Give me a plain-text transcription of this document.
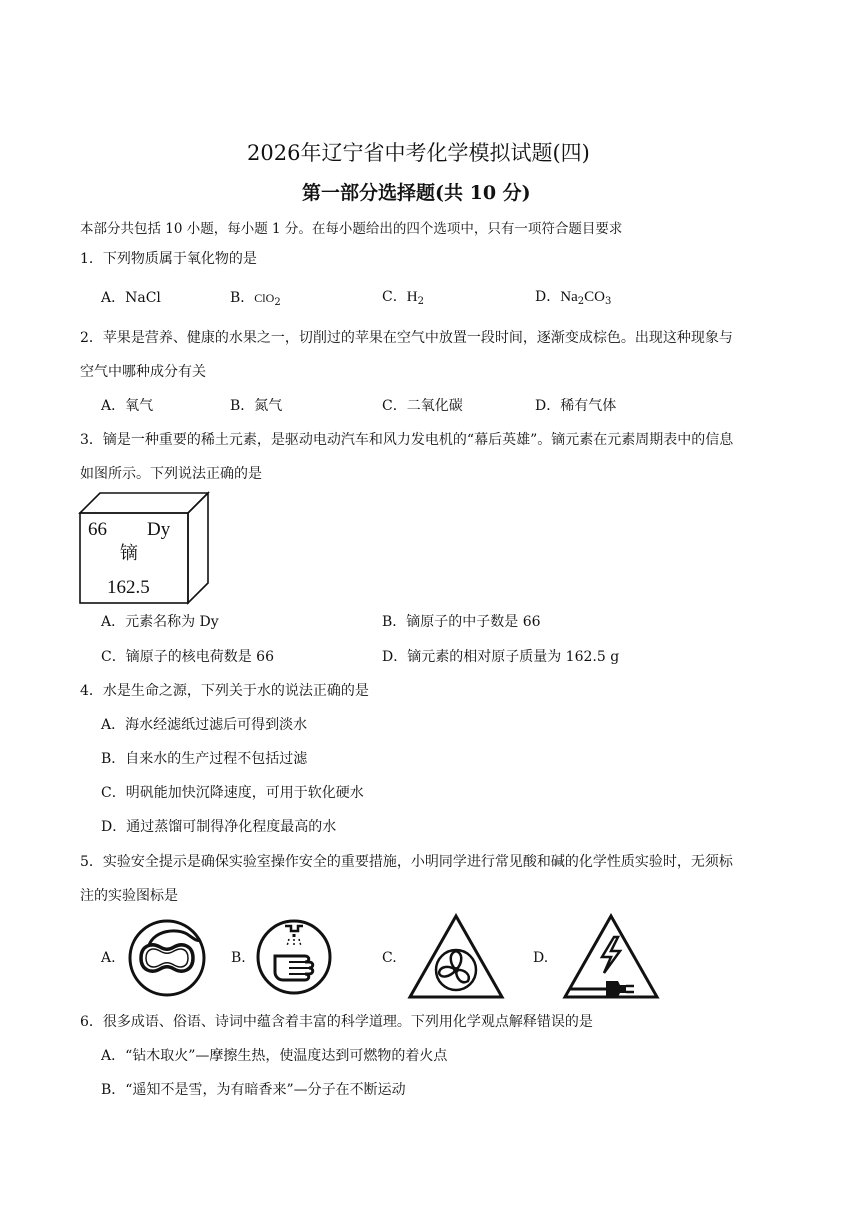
2026年辽宁省中考化学模拟试题(四)
第一部分选择题(共 10 分)
本部分共包括 10 小题，每小题 1 分。在每小题给出的四个选项中，只有一项符合题目要求
1．下列物质属于氧化物的是
A．NaCl	B．ClO$_2$	C．$H_2$	D．$Na_2CO_3$
2．苹果是营养、健康的水果之一，切削过的苹果在空气中放置一段时间，逐渐变成棕色。出现这种现象与
空气中哪种成分有关
A．氧气	B．氮气	C．二氧化碳	D．稀有气体
3．镝是一种重要的稀土元素，是驱动电动汽车和风力发电机的“幕后英雄”。镝元素在元素周期表中的信息
如图所示。下列说法正确的是
66 Dy
镝
162.5
A．元素名称为 Dy	B．镝原子的中子数是 66
C．镝原子的核电荷数是 66	D．镝元素的相对原子质量为 162.5 g
4．水是生命之源，下列关于水的说法正确的是
A．海水经滤纸过滤后可得到淡水
B．自来水的生产过程不包括过滤
C．明矾能加快沉降速度，可用于软化硬水
D．通过蒸馏可制得净化程度最高的水
5．实验安全提示是确保实验室操作安全的重要措施，小明同学进行常见酸和碱的化学性质实验时，无须标
注的实验图标是
A.	B.	C.	D.
6．很多成语、俗语、诗词中蕴含着丰富的科学道理。下列用化学观点解释错误的是
A．“钻木取火”—摩擦生热，使温度达到可燃物的着火点
B．“遥知不是雪，为有暗香来”—分子在不断运动
